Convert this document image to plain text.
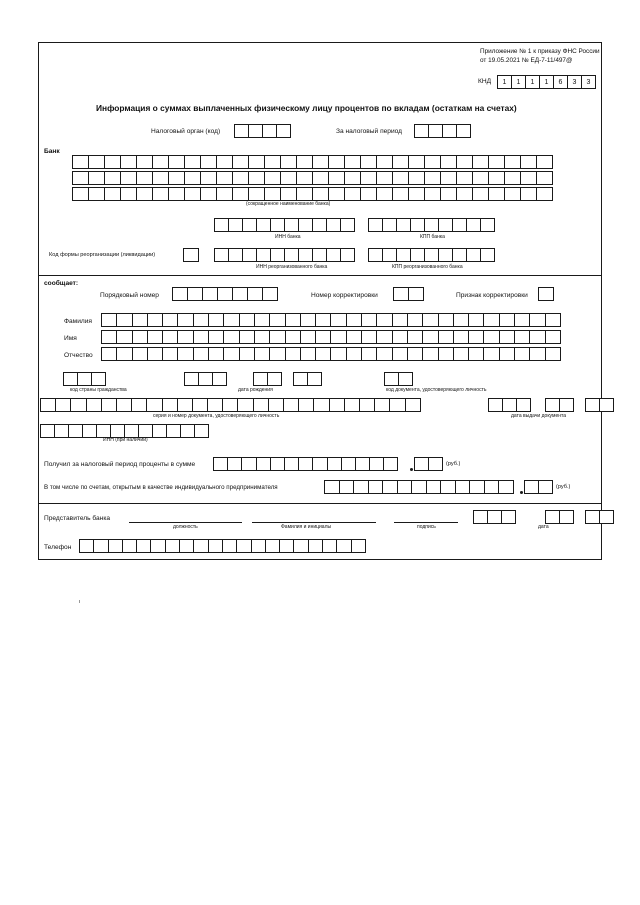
Приложение № 1 к приказу ФНС России
от 19.05.2021 № ЕД-7-11/497@
КНД	1	1	1	1	6	3	3
Информация о суммах выплаченных физическому лицу процентов по вкладам (остаткам на счетах)
Налоговый орган (код)	За налоговый период
Банк
(сокращенное наименование банка)
ИНН банка	КПП банка
Код формы реорганизации (ликвидации)
ИНН реорганизованного банка	КПП реорганизованного банка
сообщает:
Порядковый номер	Номер корректировки	Признак корректировки
Фамилия
Имя
Отчество
код страны гражданства	дата рождения	код документа, удостоверяющего личность
серия и номер документа, удостоверяющего личность	дата выдачи документа
ИНН (при наличии)
Получил за налоговый период проценты в сумме	(руб.)
В том числе по счетам, открытым в качестве индивидуального предпринимателя	(руб.)
Представитель банка
должность	Фамилия и инициалы	подпись	дата
Телефон
